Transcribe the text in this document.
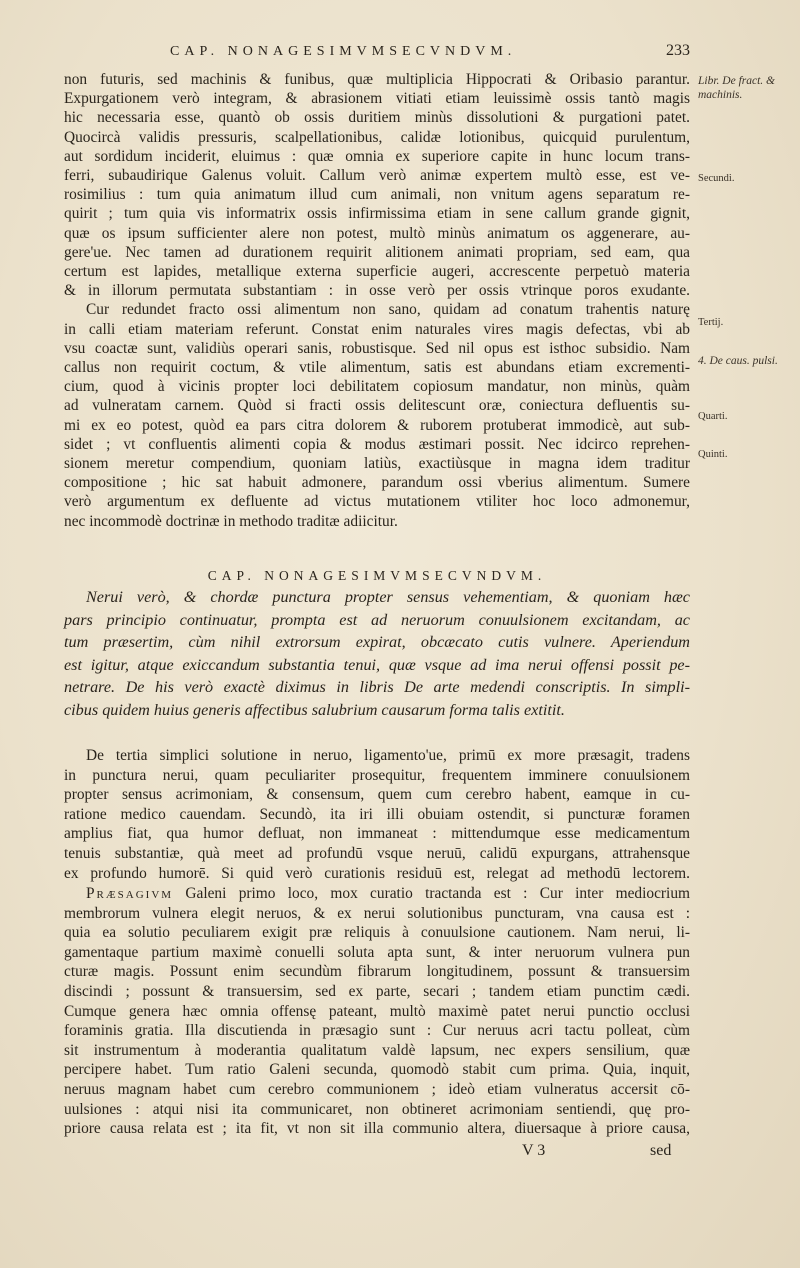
CAP. NONAGESIMVMSECVNDVM.	233
non futuris, sed machinis & funibus, quæ multiplicia Hippocrati & Oribasio parantur.
Expurgationem verò integram, & abrasionem vitiati etiam leuissimè ossis tantò magis
hic necessaria esse, quantò ob ossis duritiem minùs dissolutioni & purgationi patet.
Quocircà validis pressuris, scalpellationibus, calidæ lotionibus, quicquid purulentum,
aut sordidum inciderit, eluimus : quæ omnia ex superiore capite in hunc locum trans-
ferri, subaudirique Galenus voluit. Callum verò animæ expertem multò esse, est ve-
rosimilius : tum quia animatum illud cum animali, non vnitum agens separatum re-
quirit ; tum quia vis informatrix ossis infirmissima etiam in sene callum grande gignit,
quæ os ipsum sufficienter alere non potest, multò minùs animatum os aggenerare, au-
gere'ue. Nec tamen ad durationem requirit alitionem animati propriam, sed eam, qua
certum est lapides, metallique externa superficie augeri, accrescente perpetuò materia
& in illorum permutata substantiam : in osse verò per ossis vtrinque poros exudante.
Cur redundet fracto ossi alimentum non sano, quidam ad conatum trahentis naturę
in calli etiam materiam referunt. Constat enim naturales vires magis defectas, vbi ab
vsu coactæ sunt, validiùs operari sanis, robustisque. Sed nil opus est isthoc subsidio. Nam
callus non requirit coctum, & vtile alimentum, satis est abundans etiam excrementi-
cium, quod à vicinis propter loci debilitatem copiosum mandatur, non minùs, quàm
ad vulneratam carnem. Quòd si fracti ossis delitescunt oræ, coniectura defluentis su-
mi ex eo potest, quòd ea pars citra dolorem & ruborem protuberat immodicè, aut sub-
sidet ; vt confluentis alimenti copia & modus æstimari possit. Nec idcirco reprehen-
sionem meretur compendium, quoniam latiùs, exactiùsque in magna idem traditur
compositione ; hic sat habuit admonere, parandum ossi vberius alimentum. Sumere
verò argumentum ex defluente ad victus mutationem vtiliter hoc loco admonemur,
nec incommodè doctrinæ in methodo traditæ adiicitur.
CAP. NONAGESIMVMSECVNDVM.
Nerui verò, & chordæ punctura propter sensus vehementiam, & quoniam hæc
pars principio continuatur, prompta est ad neruorum conuulsionem excitandam, ac
tum præsertim, cùm nihil extrorsum expirat, obcæcato cutis vulnere. Aperiendum
est igitur, atque exiccandum substantia tenui, quæ vsque ad ima nerui offensi possit pe-
netrare. De his verò exactè diximus in libris De arte medendi conscriptis. In simpli-
cibus quidem huius generis affectibus salubrium causarum forma talis extitit.
De tertia simplici solutione in neruo, ligamento'ue, primū ex more præsagit, tradens
in punctura nerui, quam peculiariter prosequitur, frequentem imminere conuulsionem
propter sensus acrimoniam, & consensum, quem cum cerebro habent, eamque in cu-
ratione medico cauendam. Secundò, ita iri illi obuiam ostendit, si puncturæ foramen
amplius fiat, qua humor defluat, non immaneat : mittendumque esse medicamentum
tenuis substantiæ, quà meet ad profundū vsque neruū, calidū expurgans, attrahensque
ex profundo humorē. Si quid verò curationis residuū est, relegat ad methodū lectorem.
Præsagivm Galeni primo loco, mox curatio tractanda est : Cur inter mediocrium
membrorum vulnera elegit neruos, & ex nerui solutionibus puncturam, vna causa est :
quia ea solutio peculiarem exigit præ reliquis à conuulsione cautionem. Nam nerui, li-
gamentaque partium maximè conuelli soluta apta sunt, & inter neruorum vulnera pun
cturæ magis. Possunt enim secundùm fibrarum longitudinem, possunt & transuersim
discindi ; possunt & transuersim, sed ex parte, secari ; tandem etiam punctim cædi.
Cumque genera hæc omnia offensę pateant, multò maximè patet nerui punctio occlusi
foraminis gratia. Illa discutienda in præsagio sunt : Cur neruus acri tactu polleat, cùm
sit instrumentum à moderantia qualitatum valdè lapsum, nec expers sensilium, quæ
percipere habet. Tum ratio Galeni secunda, quomodò stabit cum prima. Quia, inquit,
neruus magnam habet cum cerebro communionem ; ideò etiam vulneratus accersit cō-
uulsiones : atqui nisi ita communicaret, non obtineret acrimoniam sentiendi, quę pro-
priore causa relata est ; ita fit, vt non sit illa communio altera, diuersaque à priore causa,
Libr. De fract. & machinis.
Secundi.
Tertij.
4. De caus. pulsi.
Quarti.
Quinti.
V 3	sed
